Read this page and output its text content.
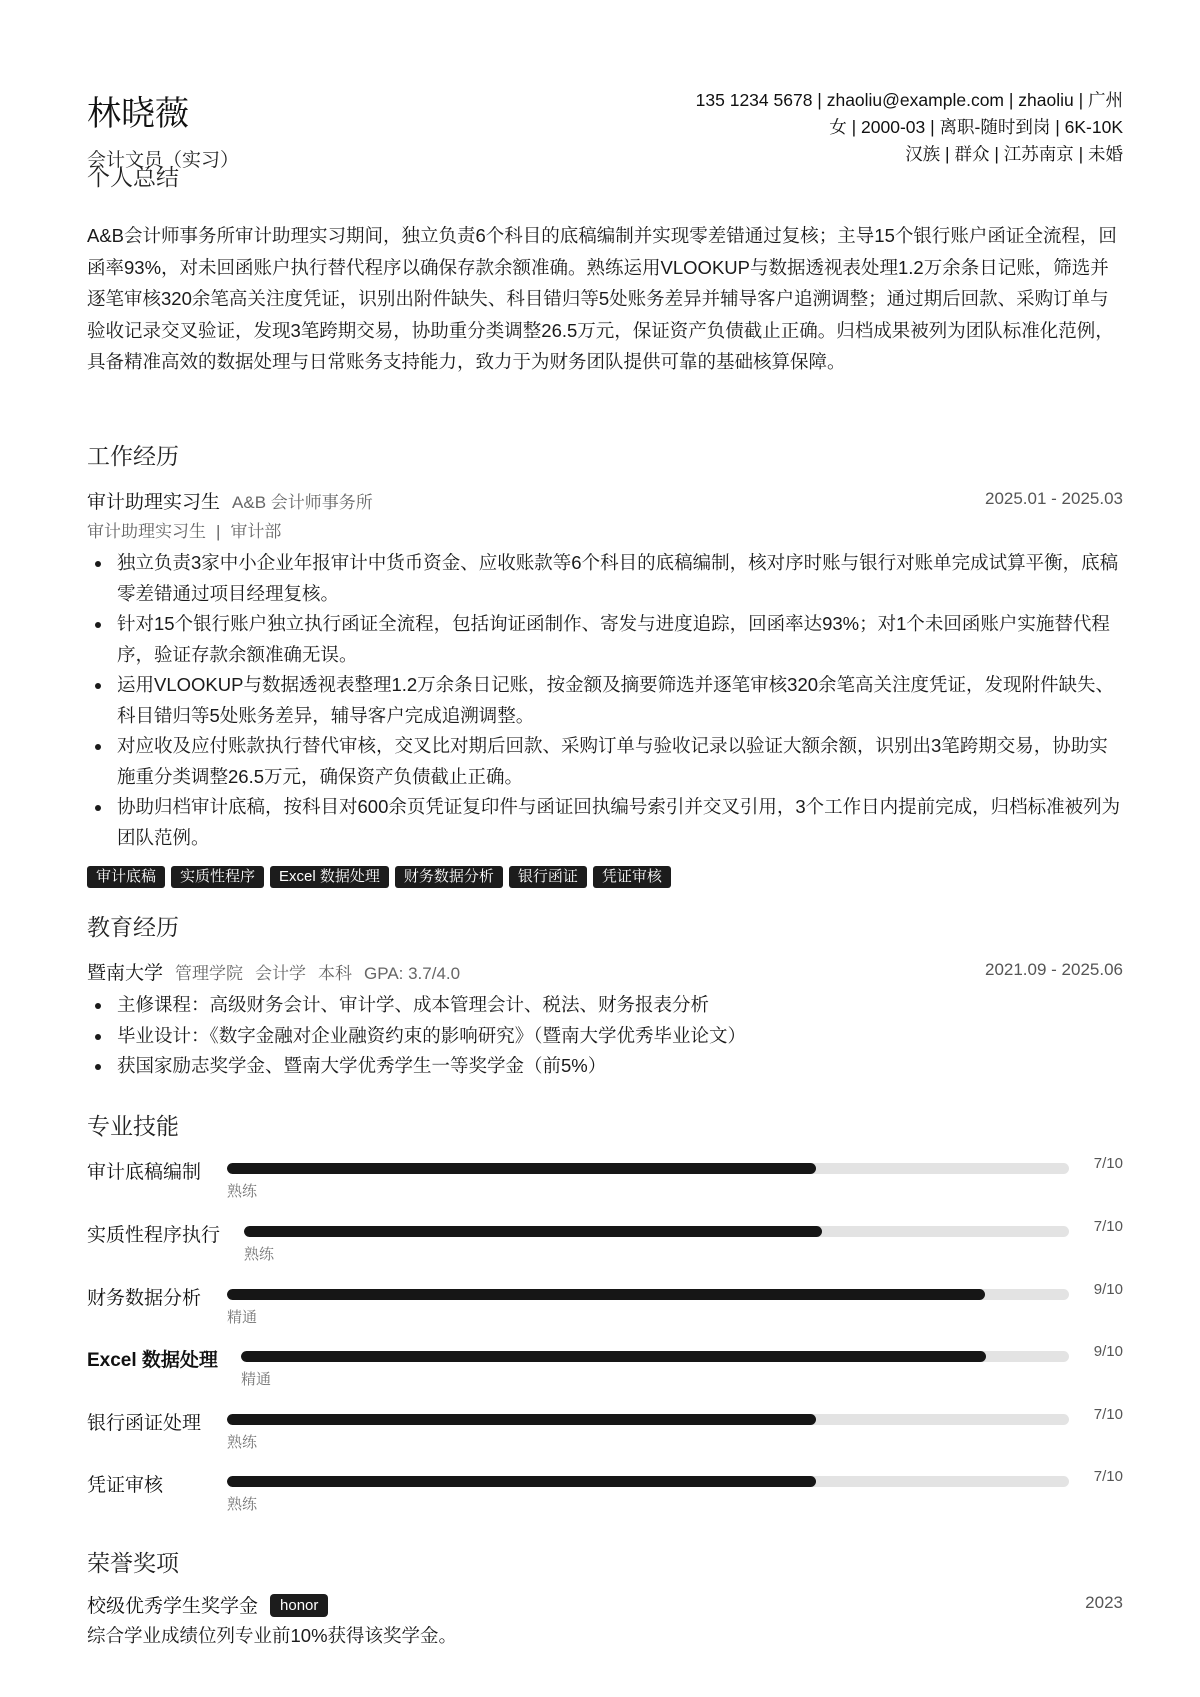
林晓薇
会计文员（实习）
135 1234 5678 | zhaoliu@example.com | zhaoliu | 广州
女 | 2000-03 | 离职-随时到岗 | 6K-10K
汉族 | 群众 | 江苏南京 | 未婚
个人总结

A&B会计师事务所审计助理实习期间，独立负责6个科目的底稿编制并实现零差错通过复核；主导15个银行账户函证全流程，回函率93%，对未回函账户执行替代程序以确保存款余额准确。熟练运用VLOOKUP与数据透视表处理1.2万余条日记账，筛选并逐笔审核320余笔高关注度凭证，识别出附件缺失、科目错归等5处账务差异并辅导客户追溯调整；通过期后回款、采购订单与验收记录交叉验证，发现3笔跨期交易，协助重分类调整26.5万元，保证资产负债截止正确。归档成果被列为团队标准化范例，具备精准高效的数据处理与日常账务支持能力，致力于为财务团队提供可靠的基础核算保障。

工作经历
审计助理实习生 A&B 会计师事务所	2025.01 - 2025.03
审计助理实习生 | 审计部
独立负责3家中小企业年报审计中货币资金、应收账款等6个科目的底稿编制，核对序时账与银行对账单完成试算平衡，底稿零差错通过项目经理复核。
针对15个银行账户独立执行函证全流程，包括询证函制作、寄发与进度追踪，回函率达93%；对1个未回函账户实施替代程序，验证存款余额准确无误。
运用VLOOKUP与数据透视表整理1.2万余条日记账，按金额及摘要筛选并逐笔审核320余笔高关注度凭证，发现附件缺失、科目错归等5处账务差异，辅导客户完成追溯调整。
对应收及应付账款执行替代审核，交叉比对期后回款、采购订单与验收记录以验证大额余额，识别出3笔跨期交易，协助实施重分类调整26.5万元，确保资产负债截止正确。
协助归档审计底稿，按科目对600余页凭证复印件与函证回执编号索引并交叉引用，3个工作日内提前完成，归档标准被列为团队范例。
审计底稿	实质性程序	Excel 数据处理	财务数据分析	银行函证	凭证审核
教育经历
暨南大学 管理学院 会计学 本科 GPA: 3.7/4.0	2021.09 - 2025.06
主修课程：高级财务会计、审计学、成本管理会计、税法、财务报表分析
毕业设计：《数字金融对企业融资约束的影响研究》（暨南大学优秀毕业论文）
获国家励志奖学金、暨南大学优秀学生一等奖学金（前5%）
专业技能
审计底稿编制
熟练
7/10
实质性程序执行
熟练
7/10
财务数据分析
精通
9/10
Excel 数据处理
精通
9/10
银行函证处理
熟练
7/10
凭证审核
熟练
7/10
荣誉奖项
校级优秀学生奖学金 honor	2023
综合学业成绩位列专业前10%获得该奖学金。
